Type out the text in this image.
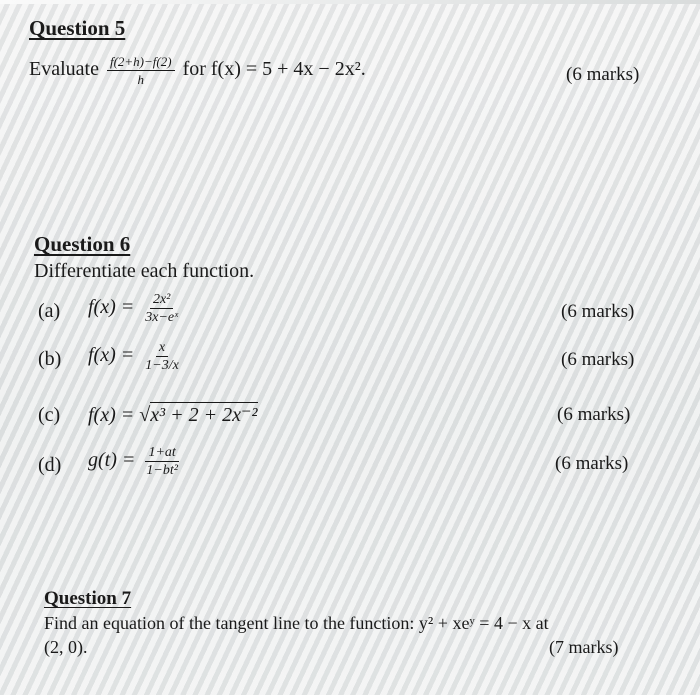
Question 5
Evaluate $\frac{f(2+h)-f(2)}{h}$ for f(x) = 5 + 4x − 2x².	(6 marks)
Question 6
Differentiate each function.
(a) $f(x) = \frac{\text{2x²}}{\text{3x−eˣ}}$	(6 marks)
(b) $f(x) = \frac{x}{1-3/x}$	(6 marks)
(c) f(x) = √x³ + 2 + 2x⁻²	(6 marks)
(d) $g(t) = \frac{1+at}{\text{1−bt²}}$	(6 marks)
Question 7
Find an equation of the tangent line to the function: y² + xeʸ = 4 − x at
(2, 0).	(7 marks)
